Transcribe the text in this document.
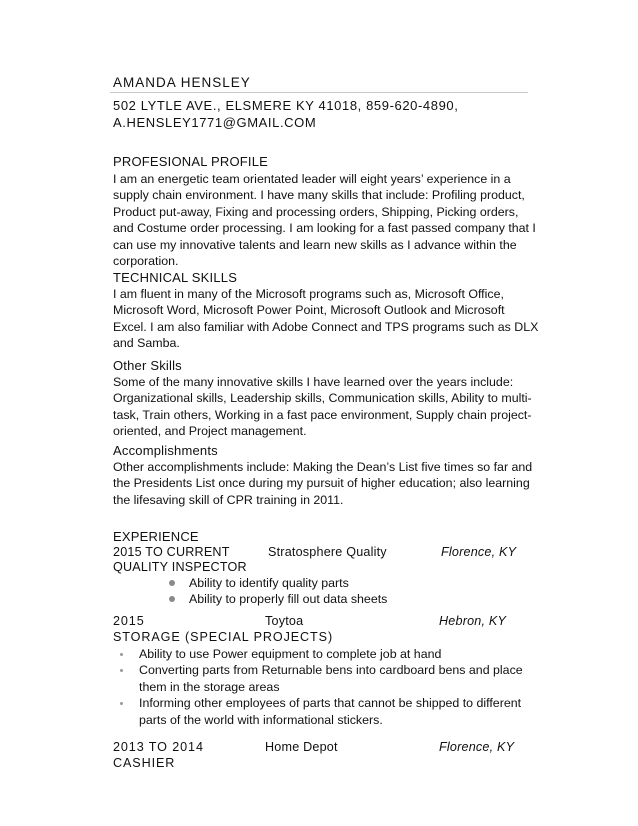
AMANDA HENSLEY
502 LYTLE AVE., ELSMERE KY 41018, 859-620-4890,
A.HENSLEY1771@GMAIL.COM
PROFESIONAL PROFILE
I am an energetic team orientated leader will eight years’ experience in a
supply chain environment. I have many skills that include: Profiling product,
Product put-away, Fixing and processing orders, Shipping, Picking orders,
and Costume order processing. I am looking for a fast passed company that I
can use my innovative talents and learn new skills as I advance within the
corporation.
TECHNICAL SKILLS
I am fluent in many of the Microsoft programs such as, Microsoft Office,
Microsoft Word, Microsoft Power Point, Microsoft Outlook and Microsoft
Excel. I am also familiar with Adobe Connect and TPS programs such as DLX
and Samba.
Other Skills
Some of the many innovative skills I have learned over the years include:
Organizational skills, Leadership skills, Communication skills, Ability to multi-
task, Train others, Working in a fast pace environment, Supply chain project-
oriented, and Project management.
Accomplishments
Other accomplishments include: Making the Dean’s List five times so far and
the Presidents List once during my pursuit of higher education; also learning
the lifesaving skill of CPR training in 2011.
EXPERIENCE
2015 TO CURRENT	Stratosphere Quality	Florence, KY
QUALITY INSPECTOR
Ability to identify quality parts
Ability to properly fill out data sheets
2015	Toytoa	Hebron, KY
STORAGE (SPECIAL PROJECTS)
Ability to use Power equipment to complete job at hand
Converting parts from Returnable bens into cardboard bens and place
them in the storage areas
Informing other employees of parts that cannot be shipped to different
parts of the world with informational stickers.
2013 TO 2014	Home Depot	Florence, KY
CASHIER
